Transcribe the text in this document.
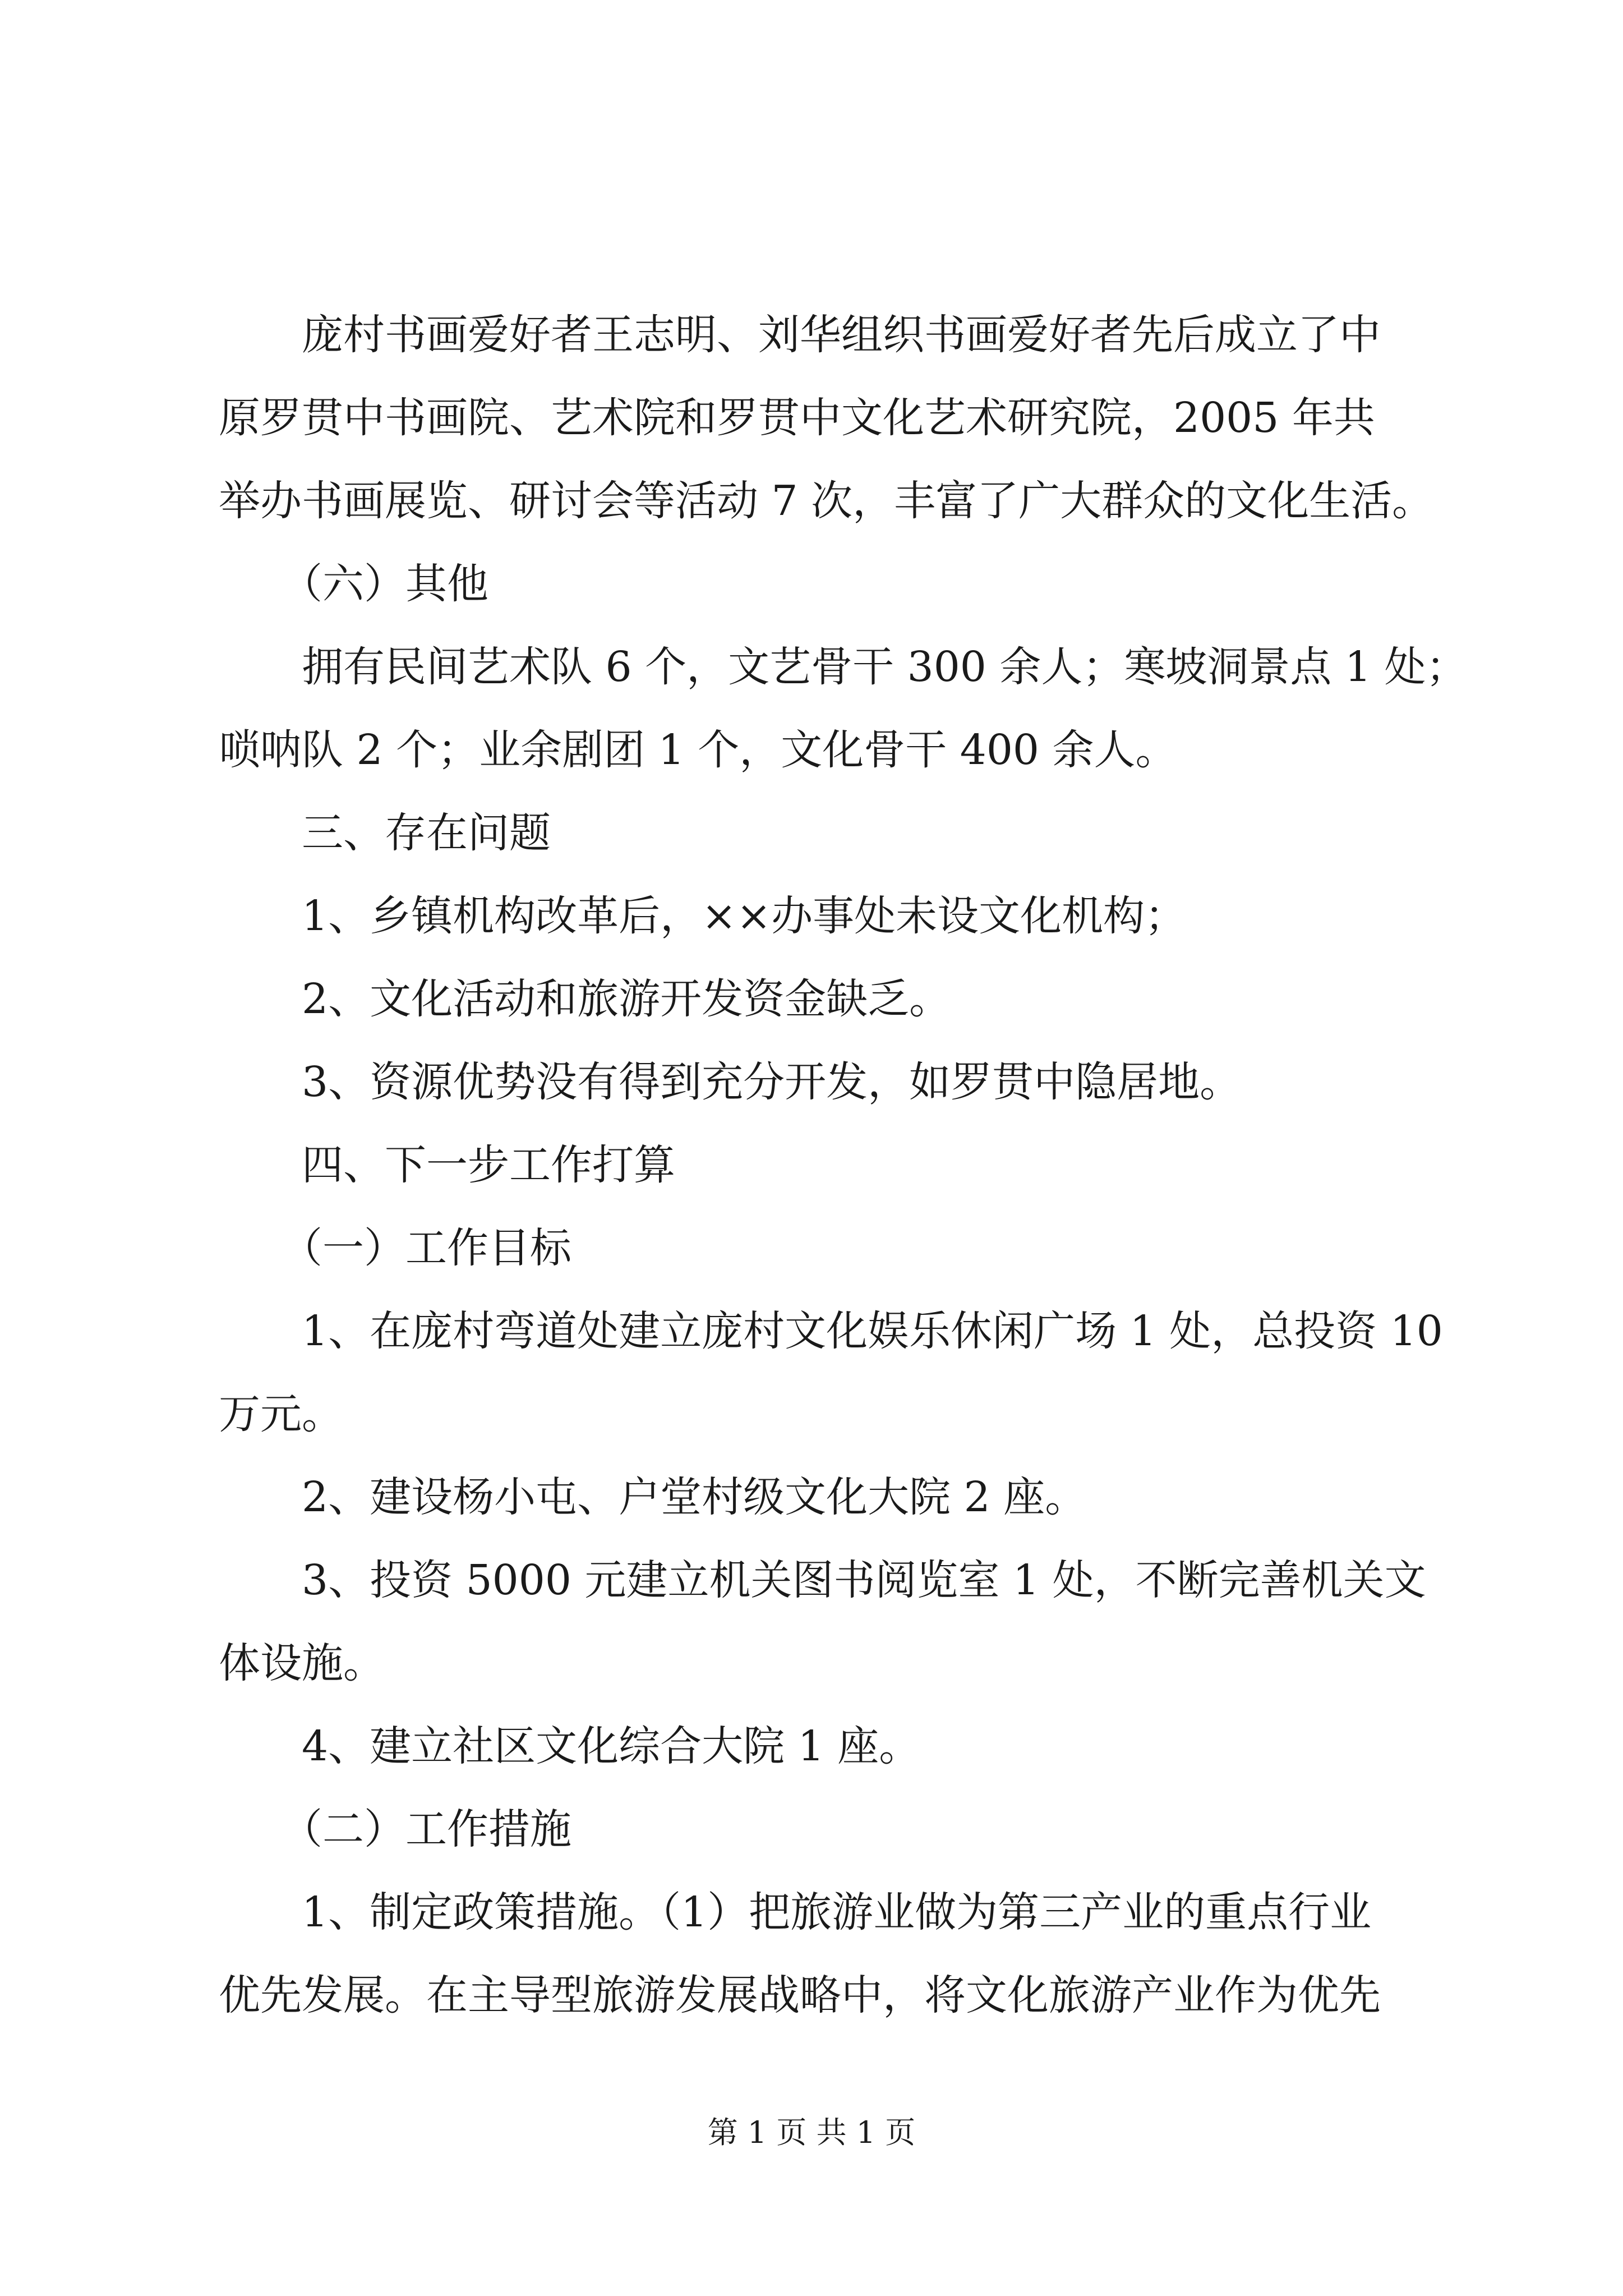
　　庞村书画爱好者王志明、刘华组织书画爱好者先后成立了中
原罗贯中书画院、艺术院和罗贯中文化艺术研究院，2005 年共
举办书画展览、研讨会等活动 7 次，丰富了广大群众的文化生活。
　　（六）其他
　　拥有民间艺术队 6 个，文艺骨干 300 余人；寒坡洞景点 1 处；
唢呐队 2 个；业余剧团 1 个，文化骨干 400 余人。
　　三、存在问题
　　1、乡镇机构改革后，××办事处未设文化机构；
　　2、文化活动和旅游开发资金缺乏。
　　3、资源优势没有得到充分开发，如罗贯中隐居地。
　　四、下一步工作打算
　　（一）工作目标
　　1、在庞村弯道处建立庞村文化娱乐休闲广场 1 处，总投资 10
万元。
　　2、建设杨小屯、户堂村级文化大院 2 座。
　　3、投资 5000 元建立机关图书阅览室 1 处，不断完善机关文
体设施。
　　4、建立社区文化综合大院 1 座。
　　（二）工作措施
　　1、制定政策措施。（1）把旅游业做为第三产业的重点行业
优先发展。在主导型旅游发展战略中，将文化旅游产业作为优先
第 1 页 共 1 页
